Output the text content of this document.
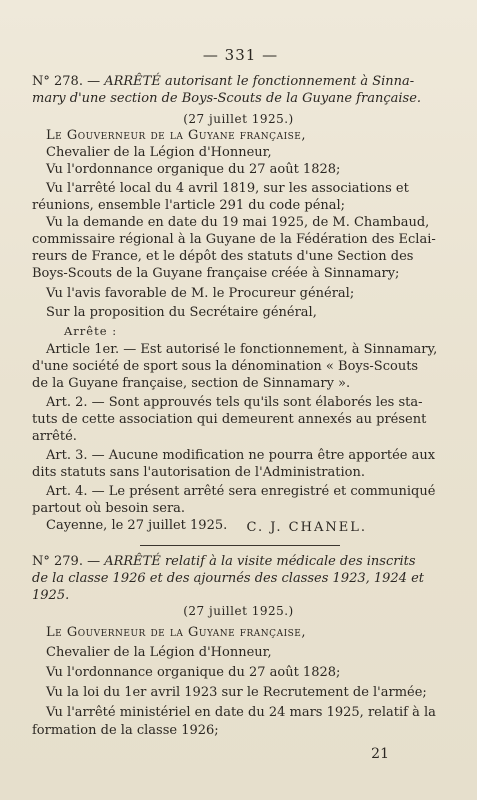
— 331 —
N° 278. — ARRÊTÉ autorisant le fonctionnement à Sinna-
mary d'une section de Boys-Scouts de la Guyane française.
(27 juillet 1925.)
Le Gouverneur de la Guyane française,
Chevalier de la Légion d'Honneur,
Vu l'ordonnance organique du 27 août 1828;
Vu l'arrêté local du 4 avril 1819, sur les associations et
réunions, ensemble l'article 291 du code pénal;
Vu la demande en date du 19 mai 1925, de M. Chambaud,
commissaire régional à la Guyane de la Fédération des Eclai-
reurs de France, et le dépôt des statuts d'une Section des
Boys-Scouts de la Guyane française créée à Sinnamary;
Vu l'avis favorable de M. le Procureur général;
Sur la proposition du Secrétaire général,
Arrête :
Article 1er. — Est autorisé le fonctionnement, à Sinnamary,
d'une société de sport sous la dénomination « Boys-Scouts
de la Guyane française, section de Sinnamary ».
Art. 2. — Sont approuvés tels qu'ils sont élaborés les sta-
tuts de cette association qui demeurent annexés au présent
arrêté.
Art. 3. — Aucune modification ne pourra être apportée aux
dits statuts sans l'autorisation de l'Administration.
Art. 4. — Le présent arrêté sera enregistré et communiqué
partout où besoin sera.
Cayenne, le 27 juillet 1925.	C. J. CHANEL.
N° 279. — ARRÊTÉ relatif à la visite médicale des inscrits
de la classe 1926 et des ajournés des classes 1923, 1924 et
1925.
(27 juillet 1925.)
Le Gouverneur de la Guyane française,
Chevalier de la Légion d'Honneur,
Vu l'ordonnance organique du 27 août 1828;
Vu la loi du 1er avril 1923 sur le Recrutement de l'armée;
Vu l'arrêté ministériel en date du 24 mars 1925, relatif à la
formation de la classe 1926;
21
